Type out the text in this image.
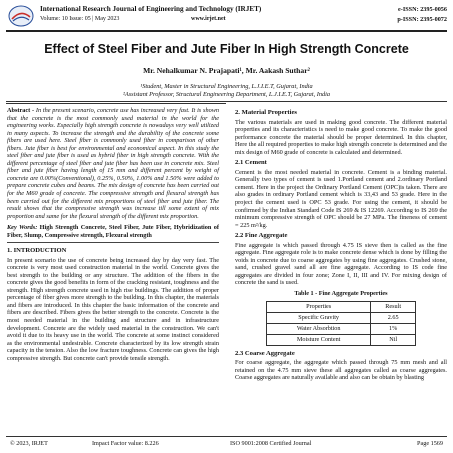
International Research Journal of Engineering and Technology (IRJET)
Volume: 10 Issue: 05 | May 2023	www.irjet.net
e-ISSN: 2395-0056
p-ISSN: 2395-0072
Effect of Steel Fiber and Jute Fiber In High Strength Concrete
Mr. Nehalkumar N. Prajapati¹, Mr. Aakash Suthar²
¹Student, Master in Structural Engineering, L.J.I.E.T, Gujarat, India
²Assistant Professor, Structural Engineering Department, L.J.I.E.T, Gujarat, India
Abstract - In the present scenario, concrete use has increased very fast. It is shown that the concrete is the most commonly used material in the world for the engineering works. Especially high strength concrete is nowadays very well utilized in many aspects. To increase the strength and the durability of the concrete some fibers are used here. Steel fiber is commonly used fiber in comparison of other fibers. Jute fiber is best for environmental and economical aspect. In this study the steel fiber and jute fiber is used as hybrid fiber in high strength concrete. With the different percentage of steel fiber and jute fiber has been use in concrete mix. Steel fiber and jute fiber having length of 15 mm and different percent by weight of concrete are 0.00%(Conventional), 0.25%, 0.50%, 1.00% and 1.50% were added to prepare concrete cubes and beams. The mix design of concrete has been carried out for the M60 grade of concrete. The compressive strength and flexural strength has been carried out for the different mix proportions of steel fiber and jute fiber. The result shows that the compressive strength was increase till some extent of mix proportion and same for the flexural strength of the different mix proportion.
Key Words: High Strength Concrete, Steel Fiber, Jute Fiber, Hybridization of Fiber, Slump, Compressive strength, Flexural strength
1. INTRODUCTION
In present scenario the use of concrete being increased day by day very fast. The concrete is very most used construction material in the world. Concrete gives the best strength to the building or any structure. The addition of the fibers in the concrete gives the good benefits in form of the cracking resistant, toughness and the strength. High strength concrete used in high rise buildings. The addition of proper percentage of fiber gives more strength to the building. In this chapter, the materials and fibers are introduced. In this chapter the basic information of the concrete and fibers are described. Fibers gives the better strength to the concrete. Concrete is the most needed material in the building and structure and in infrastructure development. Concrete are the widely used material in the construction. We can't avoid it due to its heavy use in the world. The concrete at some instinct considered as the environmental undesirable. Concrete characterized by its low strength strain capacity in the tension. Also the low fracture toughness. Concrete can gives the high compressive strength. But concrete can't provide tensile strength.
2. Material Properties
The various materials are used in making good concrete. The different material properties and its characteristics is need to make good concrete. To make the good performance concrete the material should be proper determined. In this chapter, Here the all required properties to make high strength concrete is determined and the mix design of M60 grade of concrete is calculated and determined.
2.1 Cement
Cement is the most needed material in concrete. Cement is a binding material. Generally two types of cement is used 1.Portland cement and 2.ordinary Portland cement. Here in the project the Ordinary Portland Cement (OPC)is taken. There are also grades in ordinary Portland cement which is 33,43 and 53 grade. Here in the project the cement used is OPC 53 grade. For using the cement, it should be confirmed by the Indian Standard Code IS 269 & IS 12269. According to IS 269 the minimum compressive strength of OPC should be 27 MPa. The fineness of cement = 225 m²/kg.
2.2 Fine Aggregate
Fine aggregate is which passed through 4.75 IS sieve then is called as the fine aggregate. Fine aggregate role is to make concrete dense which is done by filling the voids in concrete due to coarse aggregates by using fine aggregates. Crushed stone, sand, crushed gravel sand all are fine aggregate. According to IS code fine aggregates are divided in four zone; Zone I, II, III and IV. For mixing design of concrete the sand is used.
Table 1 - Fine Aggregate Properties
Properties	Result
Specific Gravity	2.65
Water Absorbtion	1%
Moisture Content	Nil
2.3 Coarse Aggregate
For coarse aggregate, the aggregate which passed through 75 mm mesh and all retained on the 4.75 mm sieve these all aggregates called as coarse aggregates. Coarse aggregates are naturally available and also can be obtain by blasting
© 2023, IRJET	Impact Factor value: 8.226	ISO 9001:2008 Certified Journal	Page 1569
